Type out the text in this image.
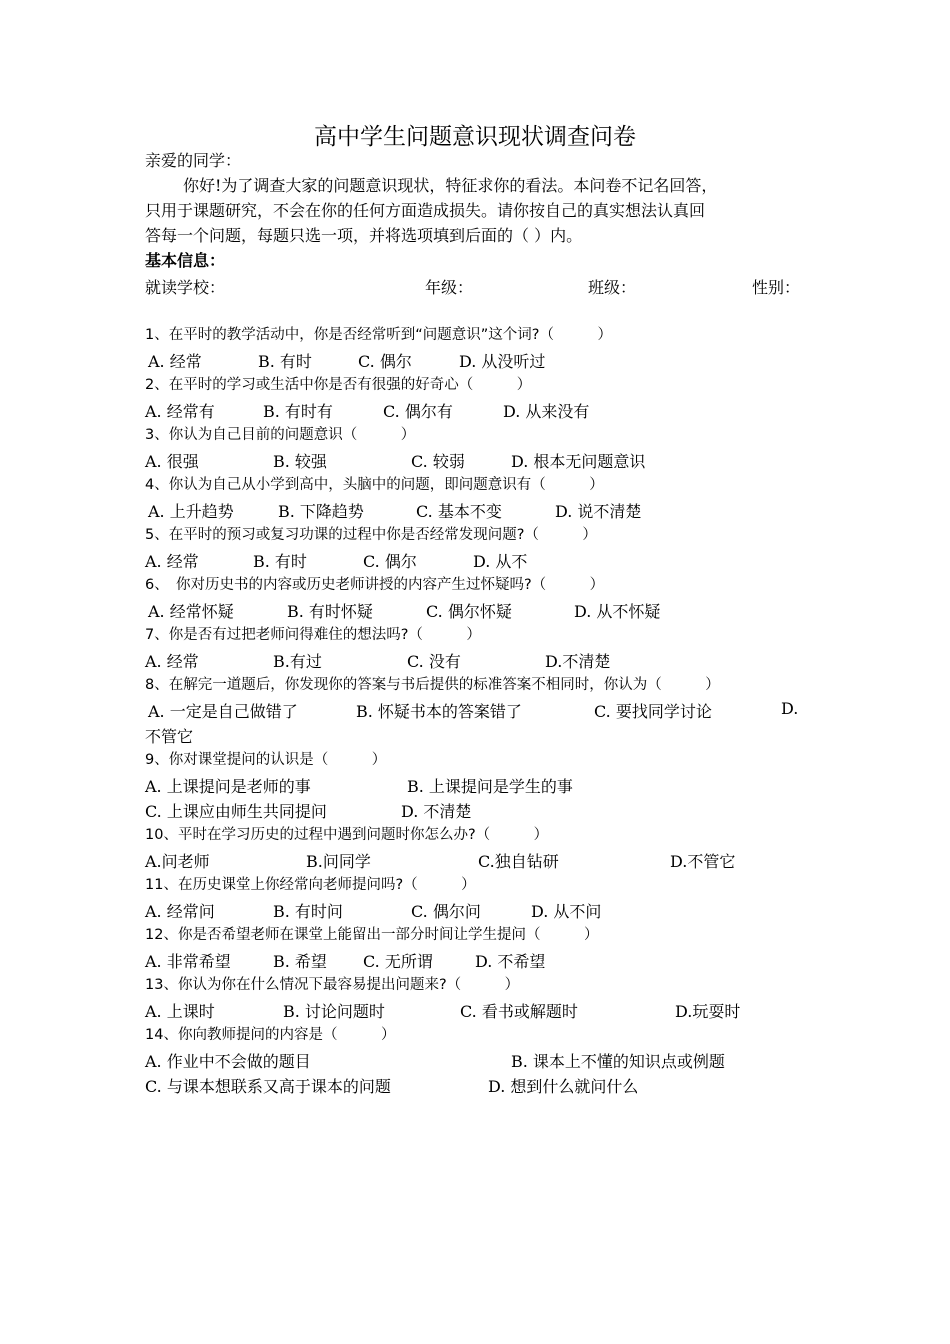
高中学生问题意识现状调查问卷
亲爱的同学：
你好!为了调查大家的问题意识现状，特征求你的看法。本问卷不记名回答，
只用于课题研究，不会在你的任何方面造成损失。请你按自己的真实想法认真回
答每一个问题，每题只选一项，并将选项填到后面的（ ）内。
基本信息：
就读学校：	年级：	班级：	性别：
1、在平时的教学活动中，你是否经常听到“问题意识”这个词?（　　　）
A. 经常	B. 有时	C. 偶尔	D. 从没听过
2、在平时的学习或生活中你是否有很强的好奇心（　　　）
A. 经常有	B. 有时有	C. 偶尔有	D. 从来没有
3、你认为自己目前的问题意识（　　　）
A. 很强	B. 较强	C. 较弱	D. 根本无问题意识
4、你认为自己从小学到高中，头脑中的问题，即问题意识有（　　　）
A. 上升趋势	B. 下降趋势	C. 基本不变	D. 说不清楚
5、在平时的预习或复习功课的过程中你是否经常发现问题?（　　　）
A. 经常	B. 有时	C. 偶尔	D. 从不
6、　你对历史书的内容或历史老师讲授的内容产生过怀疑吗?（　　　）
A. 经常怀疑	B. 有时怀疑	C. 偶尔怀疑	D. 从不怀疑
7、你是否有过把老师问得难住的想法吗?（　　　）
A. 经常	B.有过	C. 没有	D.不清楚
8、在解完一道题后，你发现你的答案与书后提供的标准答案不相同时，你认为（　　　）
A. 一定是自己做错了	B. 怀疑书本的答案错了	C. 要找同学讨论	D.
不管它
9、你对课堂提问的认识是（　　　）
A. 上课提问是老师的事	B. 上课提问是学生的事
C. 上课应由师生共同提问	D. 不清楚
10、平时在学习历史的过程中遇到问题时你怎么办?（　　　）
A.问老师	B.问同学	C.独自钻研	D.不管它
11、在历史课堂上你经常向老师提问吗?（　　　）
A. 经常问	B. 有时问	C. 偶尔问	D. 从不问
12、你是否希望老师在课堂上能留出一部分时间让学生提问（　　　）
A. 非常希望	B. 希望 C. 无所谓	D. 不希望
13、你认为你在什么情况下最容易提出问题来?（　　　）
A. 上课时	B. 讨论问题时	C. 看书或解题时	D.玩耍时
14、你向教师提问的内容是（　　　）
A. 作业中不会做的题目	B. 课本上不懂的知识点或例题
C. 与课本想联系又高于课本的问题	D. 想到什么就问什么
